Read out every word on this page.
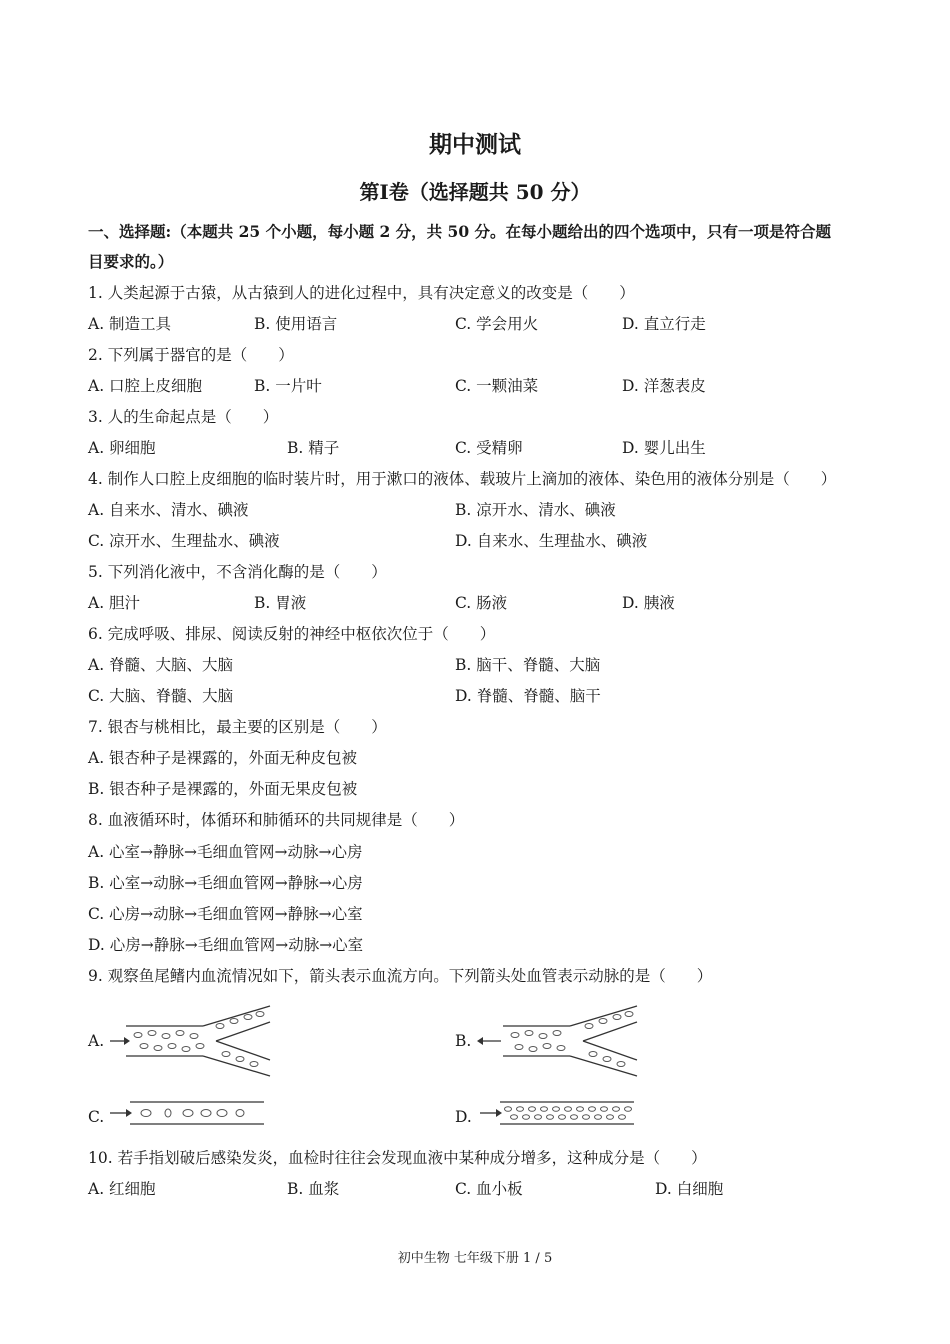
期中测试
第Ⅰ卷（选择题共 50 分）
一、选择题:（本题共 25 个小题，每小题 2 分，共 50 分。在每小题给出的四个选项中，只有一项是符合题
目要求的。）
1. 人类起源于古猿，从古猿到人的进化过程中，具有决定意义的改变是（　　）
A. 制造工具	B. 使用语言	C. 学会用火	D. 直立行走
2. 下列属于器官的是（　　）
A. 口腔上皮细胞	B. 一片叶	C. 一颗油菜	D. 洋葱表皮
3. 人的生命起点是（　　）
A. 卵细胞	B. 精子	C. 受精卵	D. 婴儿出生
4. 制作人口腔上皮细胞的临时装片时，用于漱口的液体、载玻片上滴加的液体、染色用的液体分别是（　　）
A. 自来水、清水、碘液	B. 凉开水、清水、碘液
C. 凉开水、生理盐水、碘液	D. 自来水、生理盐水、碘液
5. 下列消化液中，不含消化酶的是（　　）
A. 胆汁	B. 胃液	C. 肠液	D. 胰液
6. 完成呼吸、排尿、阅读反射的神经中枢依次位于（　　）
A. 脊髓、大脑、大脑	B. 脑干、脊髓、大脑
C. 大脑、脊髓、大脑	D. 脊髓、脊髓、脑干
7. 银杏与桃相比，最主要的区别是（　　）
A. 银杏种子是裸露的，外面无种皮包被
B. 银杏种子是裸露的，外面无果皮包被
8. 血液循环时，体循环和肺循环的共同规律是（　　）
A. 心室→静脉→毛细血管网→动脉→心房
B. 心室→动脉→毛细血管网→静脉→心房
C. 心房→动脉→毛细血管网→静脉→心室
D. 心房→静脉→毛细血管网→动脉→心室
9. 观察鱼尾鳍内血流情况如下，箭头表示血流方向。下列箭头处血管表示动脉的是（　　）
A.	B.
C.	D.
10. 若手指划破后感染发炎，血检时往往会发现血液中某种成分增多，这种成分是（　　）
A. 红细胞	B. 血浆	C. 血小板	D. 白细胞
初中生物 七年级下册 1 / 5
